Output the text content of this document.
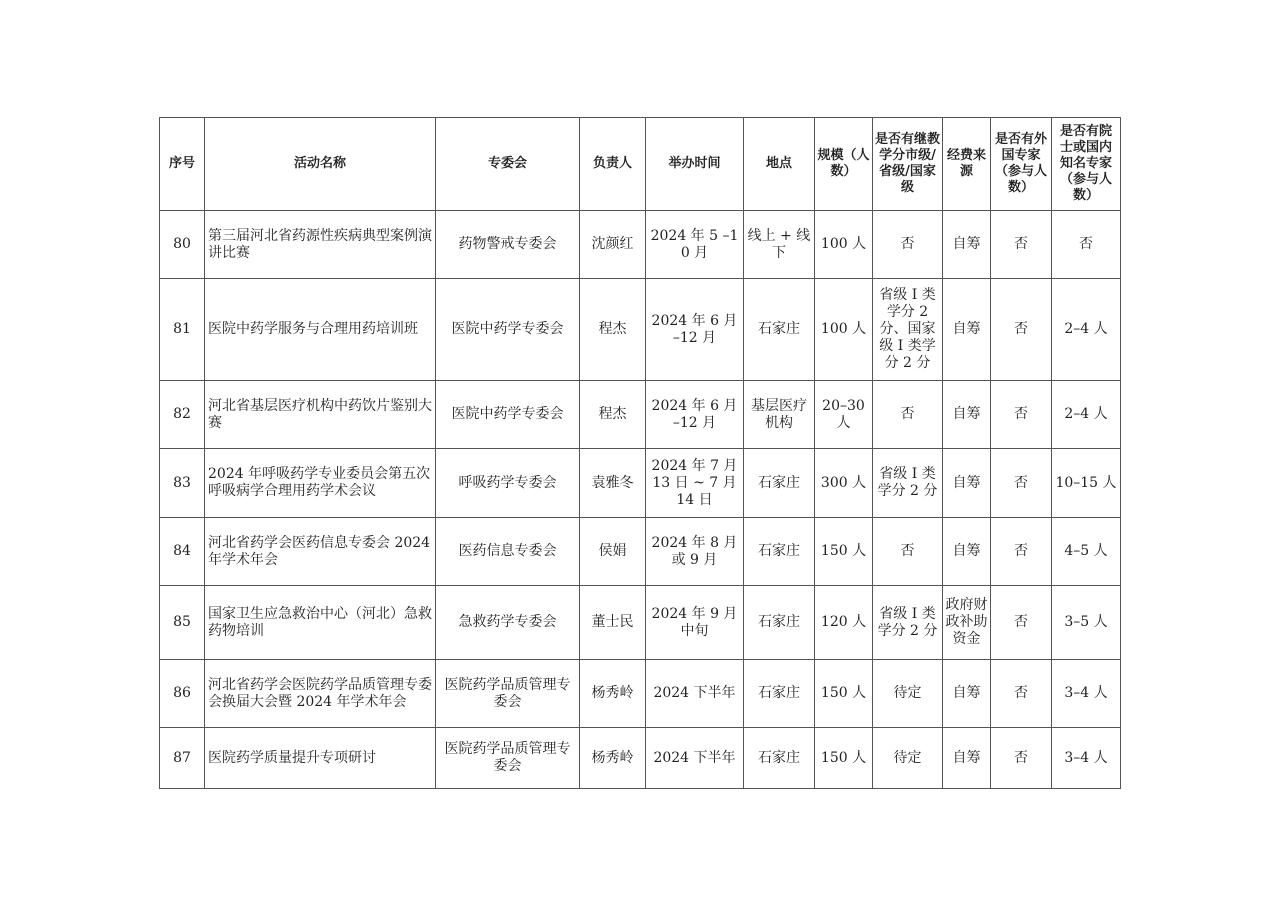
序号	活动名称	专委会	负责人	举办时间	地点	规模（人数）	是否有继教学分市级/省级/国家级	经费来源	是否有外国专家（参与人数）	是否有院士或国内知名专家（参与人数）
80	第三届河北省药源性疾病典型案例演讲比赛	药物警戒专委会	沈颜红	2024 年 5 –10 月	线上 + 线下	100 人	否	自筹	否	否
81	医院中药学服务与合理用药培训班	医院中药学专委会	程杰	2024 年 6 月 –12 月	石家庄	100 人	省级 I 类学分 2 分、国家级 I 类学分 2 分	自筹	否	2–4 人
82	河北省基层医疗机构中药饮片鉴别大赛	医院中药学专委会	程杰	2024 年 6 月 –12 月	基层医疗机构	20–30 人	否	自筹	否	2–4 人
83	2024 年呼吸药学专业委员会第五次呼吸病学合理用药学术会议	呼吸药学专委会	袁雅冬	2024 年 7 月 13 日 ~ 7 月 14 日	石家庄	300 人	省级 I 类学分 2 分	自筹	否	10–15 人
84	河北省药学会医药信息专委会 2024 年学术年会	医药信息专委会	侯娟	2024 年 8 月或 9 月	石家庄	150 人	否	自筹	否	4–5 人
85	国家卫生应急救治中心（河北）急救药物培训	急救药学专委会	董士民	2024 年 9 月中旬	石家庄	120 人	省级 I 类学分 2 分	政府财政补助资金	否	3–5 人
86	河北省药学会医院药学品质管理专委会换届大会暨 2024 年学术年会	医院药学品质管理专委会	杨秀岭	2024 下半年	石家庄	150 人	待定	自筹	否	3–4 人
87	医院药学质量提升专项研讨	医院药学品质管理专委会	杨秀岭	2024 下半年	石家庄	150 人	待定	自筹	否	3–4 人
